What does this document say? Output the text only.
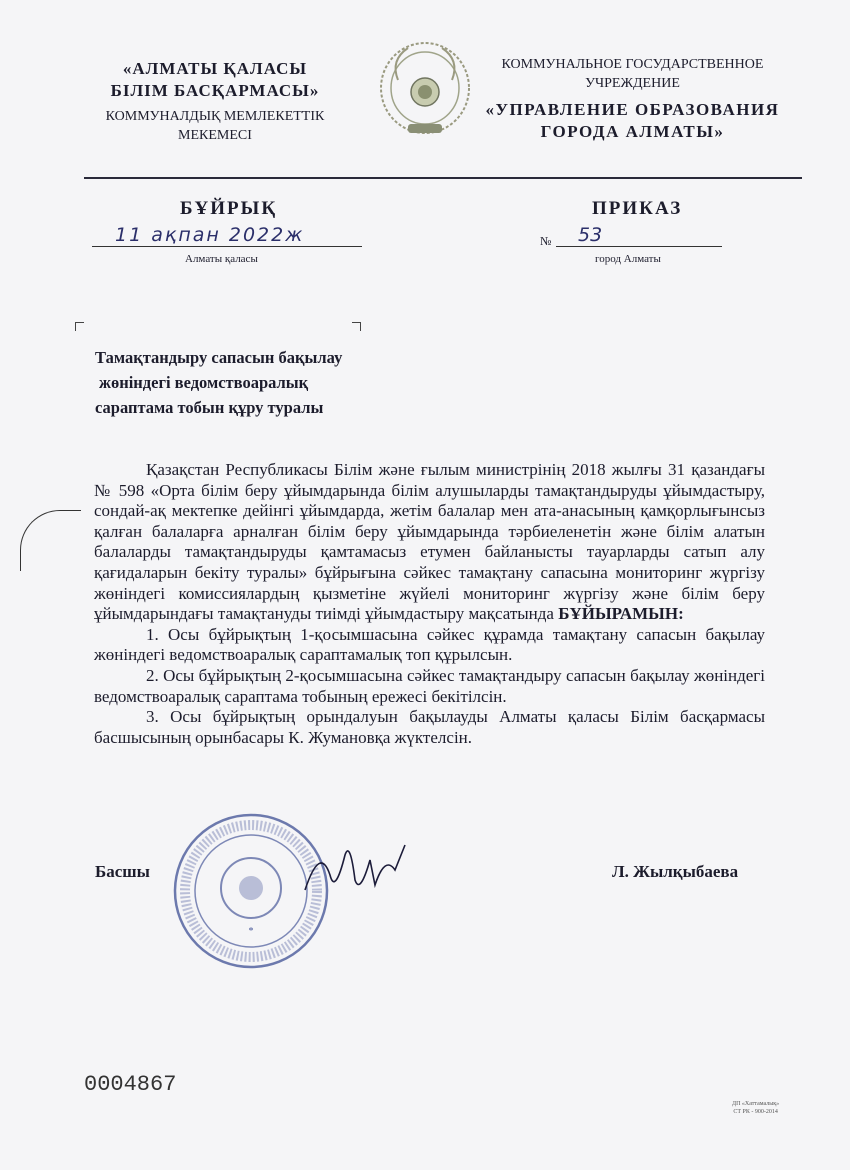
«АЛМАТЫ ҚАЛАСЫ
БІЛІМ БАСҚАРМАСЫ»
КОММУНАЛДЫҚ МЕМЛЕКЕТТІК
МЕКЕМЕСІ
КОММУНАЛЬНОЕ ГОСУДАРСТВЕННОЕ
УЧРЕЖДЕНИЕ
«УПРАВЛЕНИЕ ОБРАЗОВАНИЯ
ГОРОДА АЛМАТЫ»
БҰЙРЫҚ
11 ақпан 2022ж
Алматы қаласы
ПРИКАЗ
№ 53
город Алматы
Тамақтандыру сапасын бақылау
жөніндегі ведомствоаралық
сараптама тобын құру туралы

Қазақстан Республикасы Білім және ғылым министрінің 2018 жылғы 31 қазандағы № 598 «Орта білім беру ұйымдарында білім алушыларды тамақтандыруды ұйымдастыру, сондай-ақ мектепке дейінгі ұйымдарда, жетім балалар мен ата-анасының қамқорлығынсыз қалған балаларға арналған білім беру ұйымдарында тәрбиеленетін және білім алатын балаларды тамақтандыруды қамтамасыз етумен байланысты тауарларды сатып алу қағидаларын бекіту туралы» бұйрығына сәйкес тамақтану сапасына мониторинг жүргізу жөніндегі комиссиялардың қызметіне жүйелі мониторинг жүргізу және білім беру ұйымдарындағы тамақтануды тиімді ұйымдастыру мақсатында БҰЙЫРАМЫН:

1. Осы бұйрықтың 1-қосымшасына сәйкес құрамда тамақтану сапасын бақылау жөніндегі ведомствоаралық сараптамалық топ құрылсын.

2. Осы бұйрықтың 2-қосымшасына сәйкес тамақтандыру сапасын бақылау жөніндегі ведомствоаралық сараптама тобының ережесі бекітілсін.

3. Осы бұйрықтың орындалуын бақылауды Алматы қаласы Білім басқармасы басшысының орынбасары К. Жумановқа жүктелсін.

*
Басшы	Л. Жылқыбаева
0004867
ДП «Хаттамалық»
СТ РК - 900-2014
